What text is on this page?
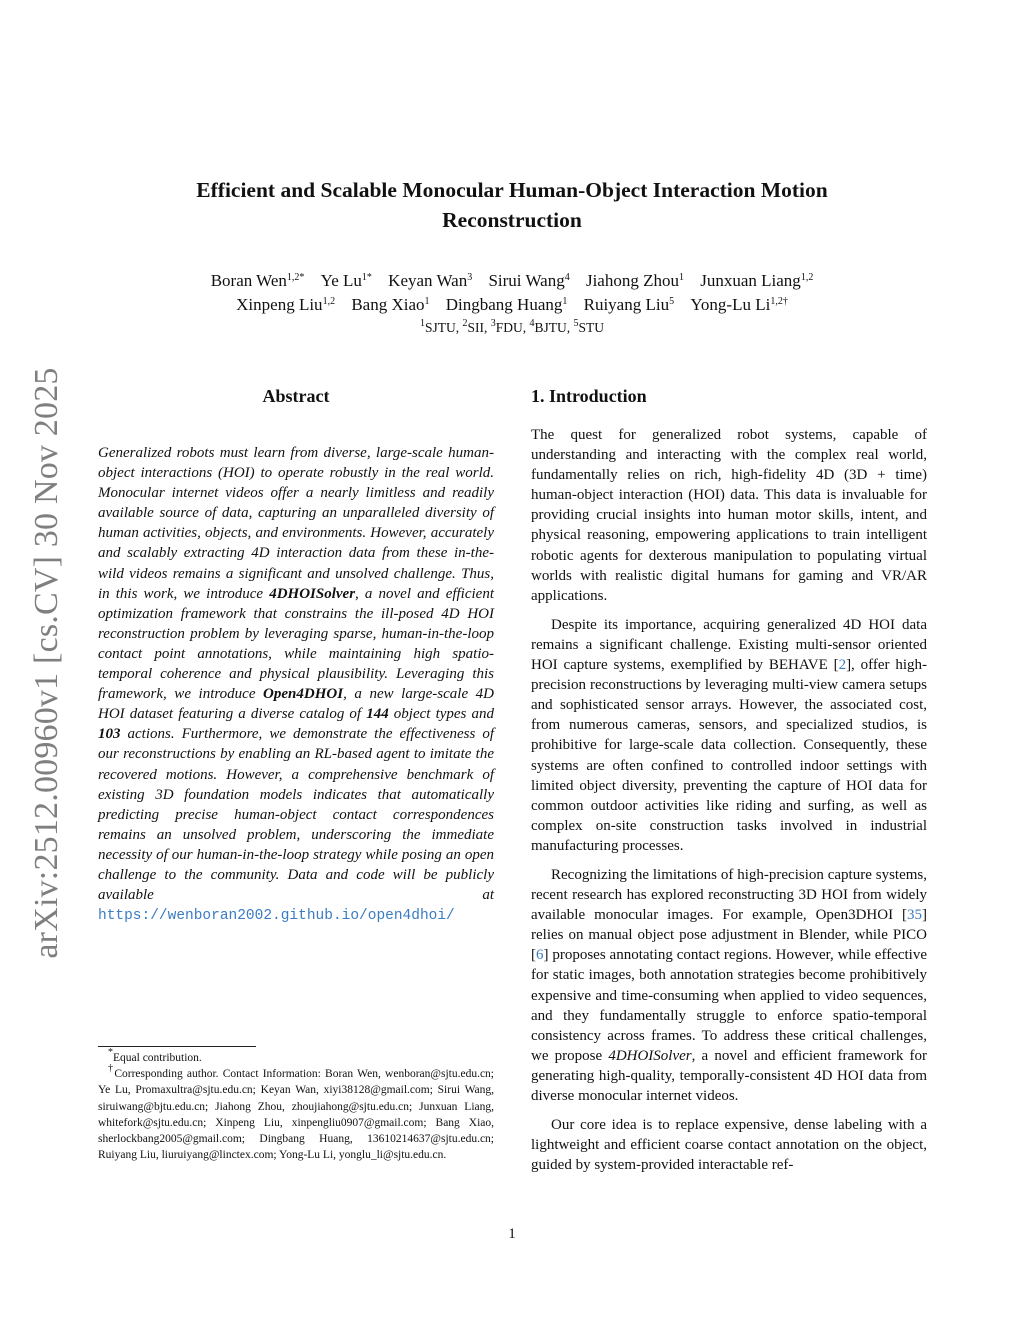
arXiv:2512.00960v1 [cs.CV] 30 Nov 2025
Efficient and Scalable Monocular Human-Object Interaction Motion Reconstruction
Boran Wen$^{1,2*}$ Ye $Lu^{1*}$ Keyan Wan$^3$ Sirui Wang$^4$ Jiahong Zhou$^1$ Junxuan Liang$^{1,2}$
Xinpeng Liu$^{1,2}$ Bang Xiao$^1$ Dingbang Huang$^1$ Ruiyang Liu$^5$ Yong-Lu $Li^{1,2\dagger}$
$^1$SJTU, $^2$SII, $^3$FDU, $^4$BJTU, $^5$STU
Abstract
Generalized robots must learn from diverse, large-scale human-object interactions (HOI) to operate robustly in the real world. Monocular internet videos offer a nearly limitless and readily available source of data, capturing an unparalleled diversity of human activities, objects, and environments. However, accurately and scalably extracting 4D interaction data from these in-the-wild videos remains a significant and unsolved challenge. Thus, in this work, we introduce 4DHOISolver, a novel and efficient optimization framework that constrains the ill-posed 4D HOI reconstruction problem by leveraging sparse, human-in-the-loop contact point annotations, while maintaining high spatio-temporal coherence and physical plausibility. Leveraging this framework, we introduce Open4DHOI, a new large-scale 4D HOI dataset featuring a diverse catalog of 144 object types and 103 actions. Furthermore, we demonstrate the effectiveness of our reconstructions by enabling an RL-based agent to imitate the recovered motions. However, a comprehensive benchmark of existing 3D foundation models indicates that automatically predicting precise human-object contact correspondences remains an unsolved problem, underscoring the immediate necessity of our human-in-the-loop strategy while posing an open challenge to the community. Data and code will be publicly available at https://wenboran2002.github.io/open4dhoi/

*Equal contribution.

†Corresponding author. Contact Information: Boran Wen, wenboran@sjtu.edu.cn; Ye Lu, Promaxultra@sjtu.edu.cn; Keyan Wan, xiyi38128@gmail.com; Sirui Wang, siruiwang@bjtu.edu.cn; Jiahong Zhou, zhoujiahong@sjtu.edu.cn; Junxuan Liang, whitefork@sjtu.edu.cn; Xinpeng Liu, xinpengliu0907@gmail.com; Bang Xiao, sherlockbang2005@gmail.com; Dingbang Huang, 13610214637@sjtu.edu.cn; Ruiyang Liu, liuruiyang@linctex.com; Yong-Lu Li, yonglu_li@sjtu.edu.cn.

1. Introduction

The quest for generalized robot systems, capable of understanding and interacting with the complex real world, fundamentally relies on rich, high-fidelity 4D (3D + time) human-object interaction (HOI) data. This data is invaluable for providing crucial insights into human motor skills, intent, and physical reasoning, empowering applications to train intelligent robotic agents for dexterous manipulation to populating virtual worlds with realistic digital humans for gaming and VR/AR applications.

Despite its importance, acquiring generalized 4D HOI data remains a significant challenge. Existing multi-sensor oriented HOI capture systems, exemplified by BEHAVE [2], offer high-precision reconstructions by leveraging multi-view camera setups and sophisticated sensor arrays. However, the associated cost, from numerous cameras, sensors, and specialized studios, is prohibitive for large-scale data collection. Consequently, these systems are often confined to controlled indoor settings with limited object diversity, preventing the capture of HOI data for common outdoor activities like riding and surfing, as well as complex on-site construction tasks involved in industrial manufacturing processes.

Recognizing the limitations of high-precision capture systems, recent research has explored reconstructing 3D HOI from widely available monocular images. For example, Open3DHOI [35] relies on manual object pose adjustment in Blender, while PICO [6] proposes annotating contact regions. However, while effective for static images, both annotation strategies become prohibitively expensive and time-consuming when applied to video sequences, and they fundamentally struggle to enforce spatio-temporal consistency across frames. To address these critical challenges, we propose 4DHOISolver, a novel and efficient framework for generating high-quality, temporally-consistent 4D HOI data from diverse monocular internet videos.

Our core idea is to replace expensive, dense labeling with a lightweight and efficient coarse contact annotation on the object, guided by system-provided interactable ref-

1
